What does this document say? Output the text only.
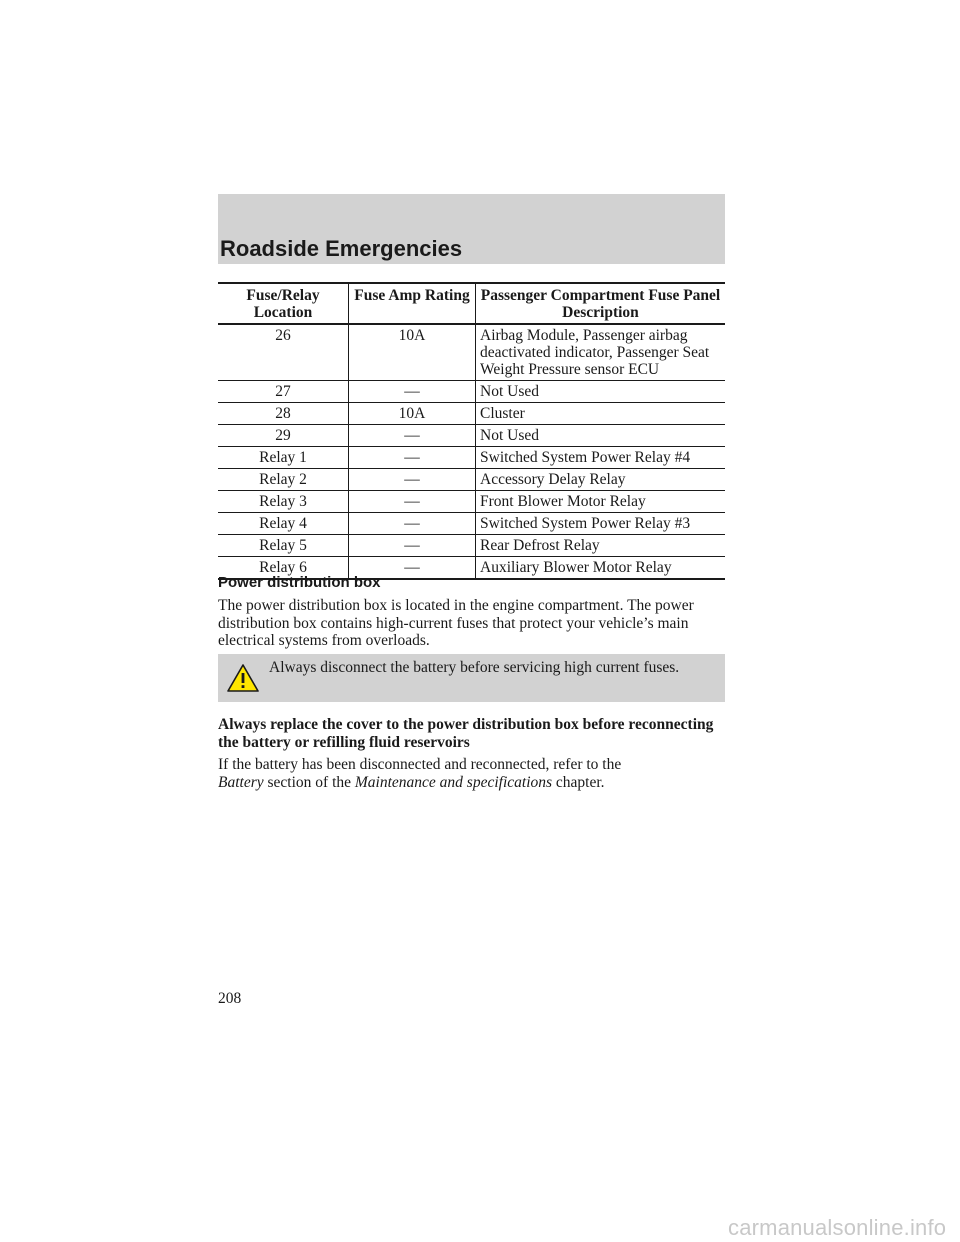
Roadside Emergencies
Fuse/Relay Location	Fuse Amp Rating	Passenger Compartment Fuse Panel Description
26	10A	Airbag Module, Passenger airbag deactivated indicator, Passenger Seat Weight Pressure sensor ECU
27	—	Not Used
28	10A	Cluster
29	—	Not Used
Relay 1	—	Switched System Power Relay #4
Relay 2	—	Accessory Delay Relay
Relay 3	—	Front Blower Motor Relay
Relay 4	—	Switched System Power Relay #3
Relay 5	—	Rear Defrost Relay
Relay 6	—	Auxiliary Blower Motor Relay
Power distribution box
The power distribution box is located in the engine compartment. The power distribution box contains high-current fuses that protect your vehicle’s main electrical systems from overloads.
Always disconnect the battery before servicing high current fuses.
Always replace the cover to the power distribution box before reconnecting the battery or refilling fluid reservoirs
If the battery has been disconnected and reconnected, refer to the
Battery section of the Maintenance and specifications chapter.
208
carmanualsonline.info
